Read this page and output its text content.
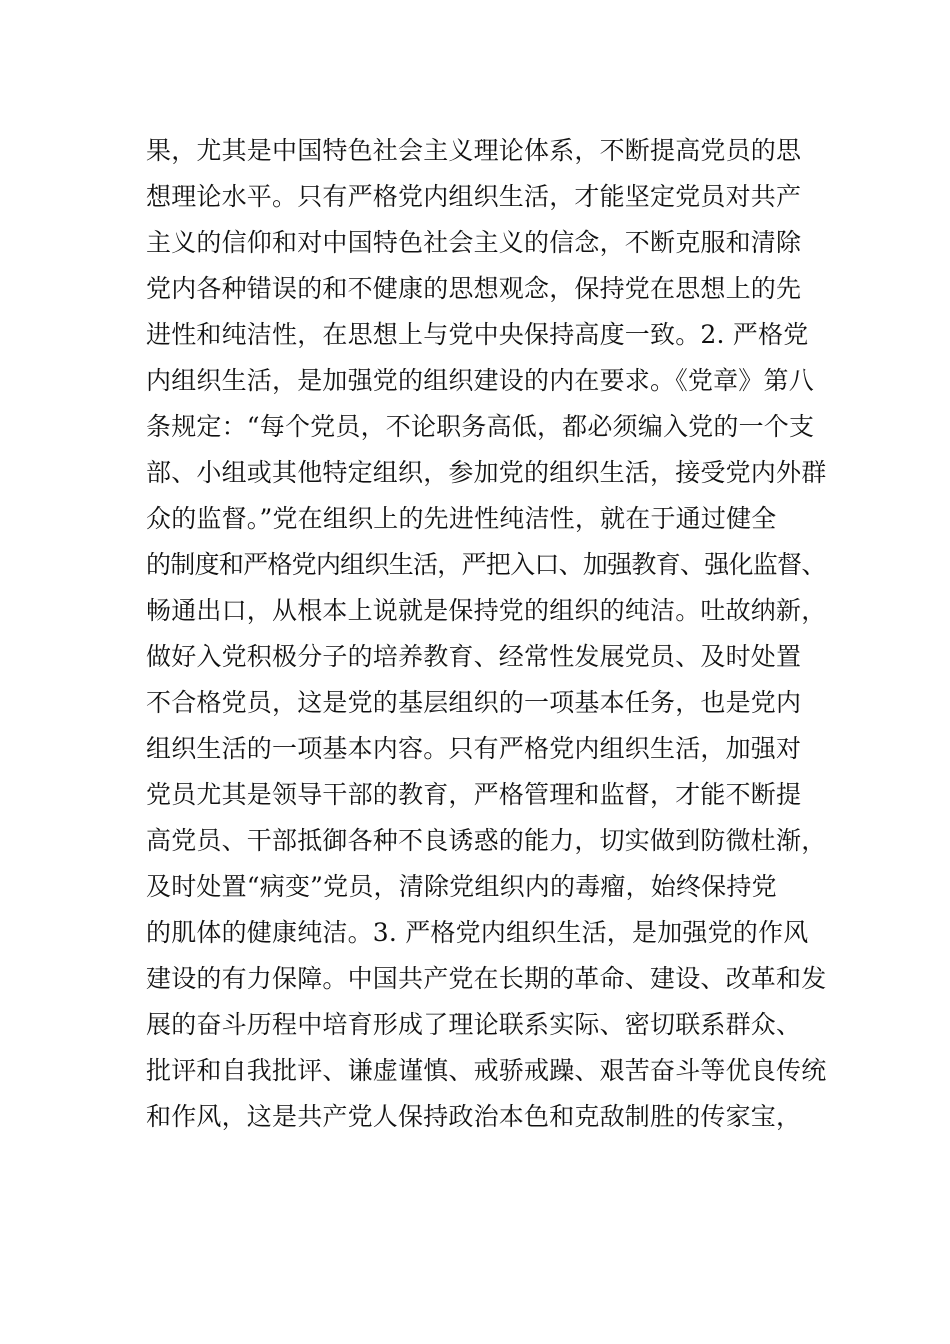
果，尤其是中国特色社会主义理论体系，不断提高党员的思
想理论水平。只有严格党内组织生活，才能坚定党员对共产
主义的信仰和对中国特色社会主义的信念，不断克服和清除
党内各种错误的和不健康的思想观念，保持党在思想上的先
进性和纯洁性，在思想上与党中央保持高度一致。2. 严格党
内组织生活，是加强党的组织建设的内在要求。《党章》第八
条规定：“每个党员，不论职务高低，都必须编入党的一个支
部、小组或其他特定组织，参加党的组织生活，接受党内外群
众的监督。”党在组织上的先进性纯洁性，就在于通过健全
的制度和严格党内组织生活，严把入口、加强教育、强化监督、
畅通出口，从根本上说就是保持党的组织的纯洁。吐故纳新，
做好入党积极分子的培养教育、经常性发展党员、及时处置
不合格党员，这是党的基层组织的一项基本任务，也是党内
组织生活的一项基本内容。只有严格党内组织生活，加强对
党员尤其是领导干部的教育，严格管理和监督，才能不断提
高党员、干部抵御各种不良诱惑的能力，切实做到防微杜渐，
及时处置“病变”党员，清除党组织内的毒瘤，始终保持党
的肌体的健康纯洁。3. 严格党内组织生活，是加强党的作风
建设的有力保障。中国共产党在长期的革命、建设、改革和发
展的奋斗历程中培育形成了理论联系实际、密切联系群众、
批评和自我批评、谦虚谨慎、戒骄戒躁、艰苦奋斗等优良传统
和作风，这是共产党人保持政治本色和克敌制胜的传家宝，
